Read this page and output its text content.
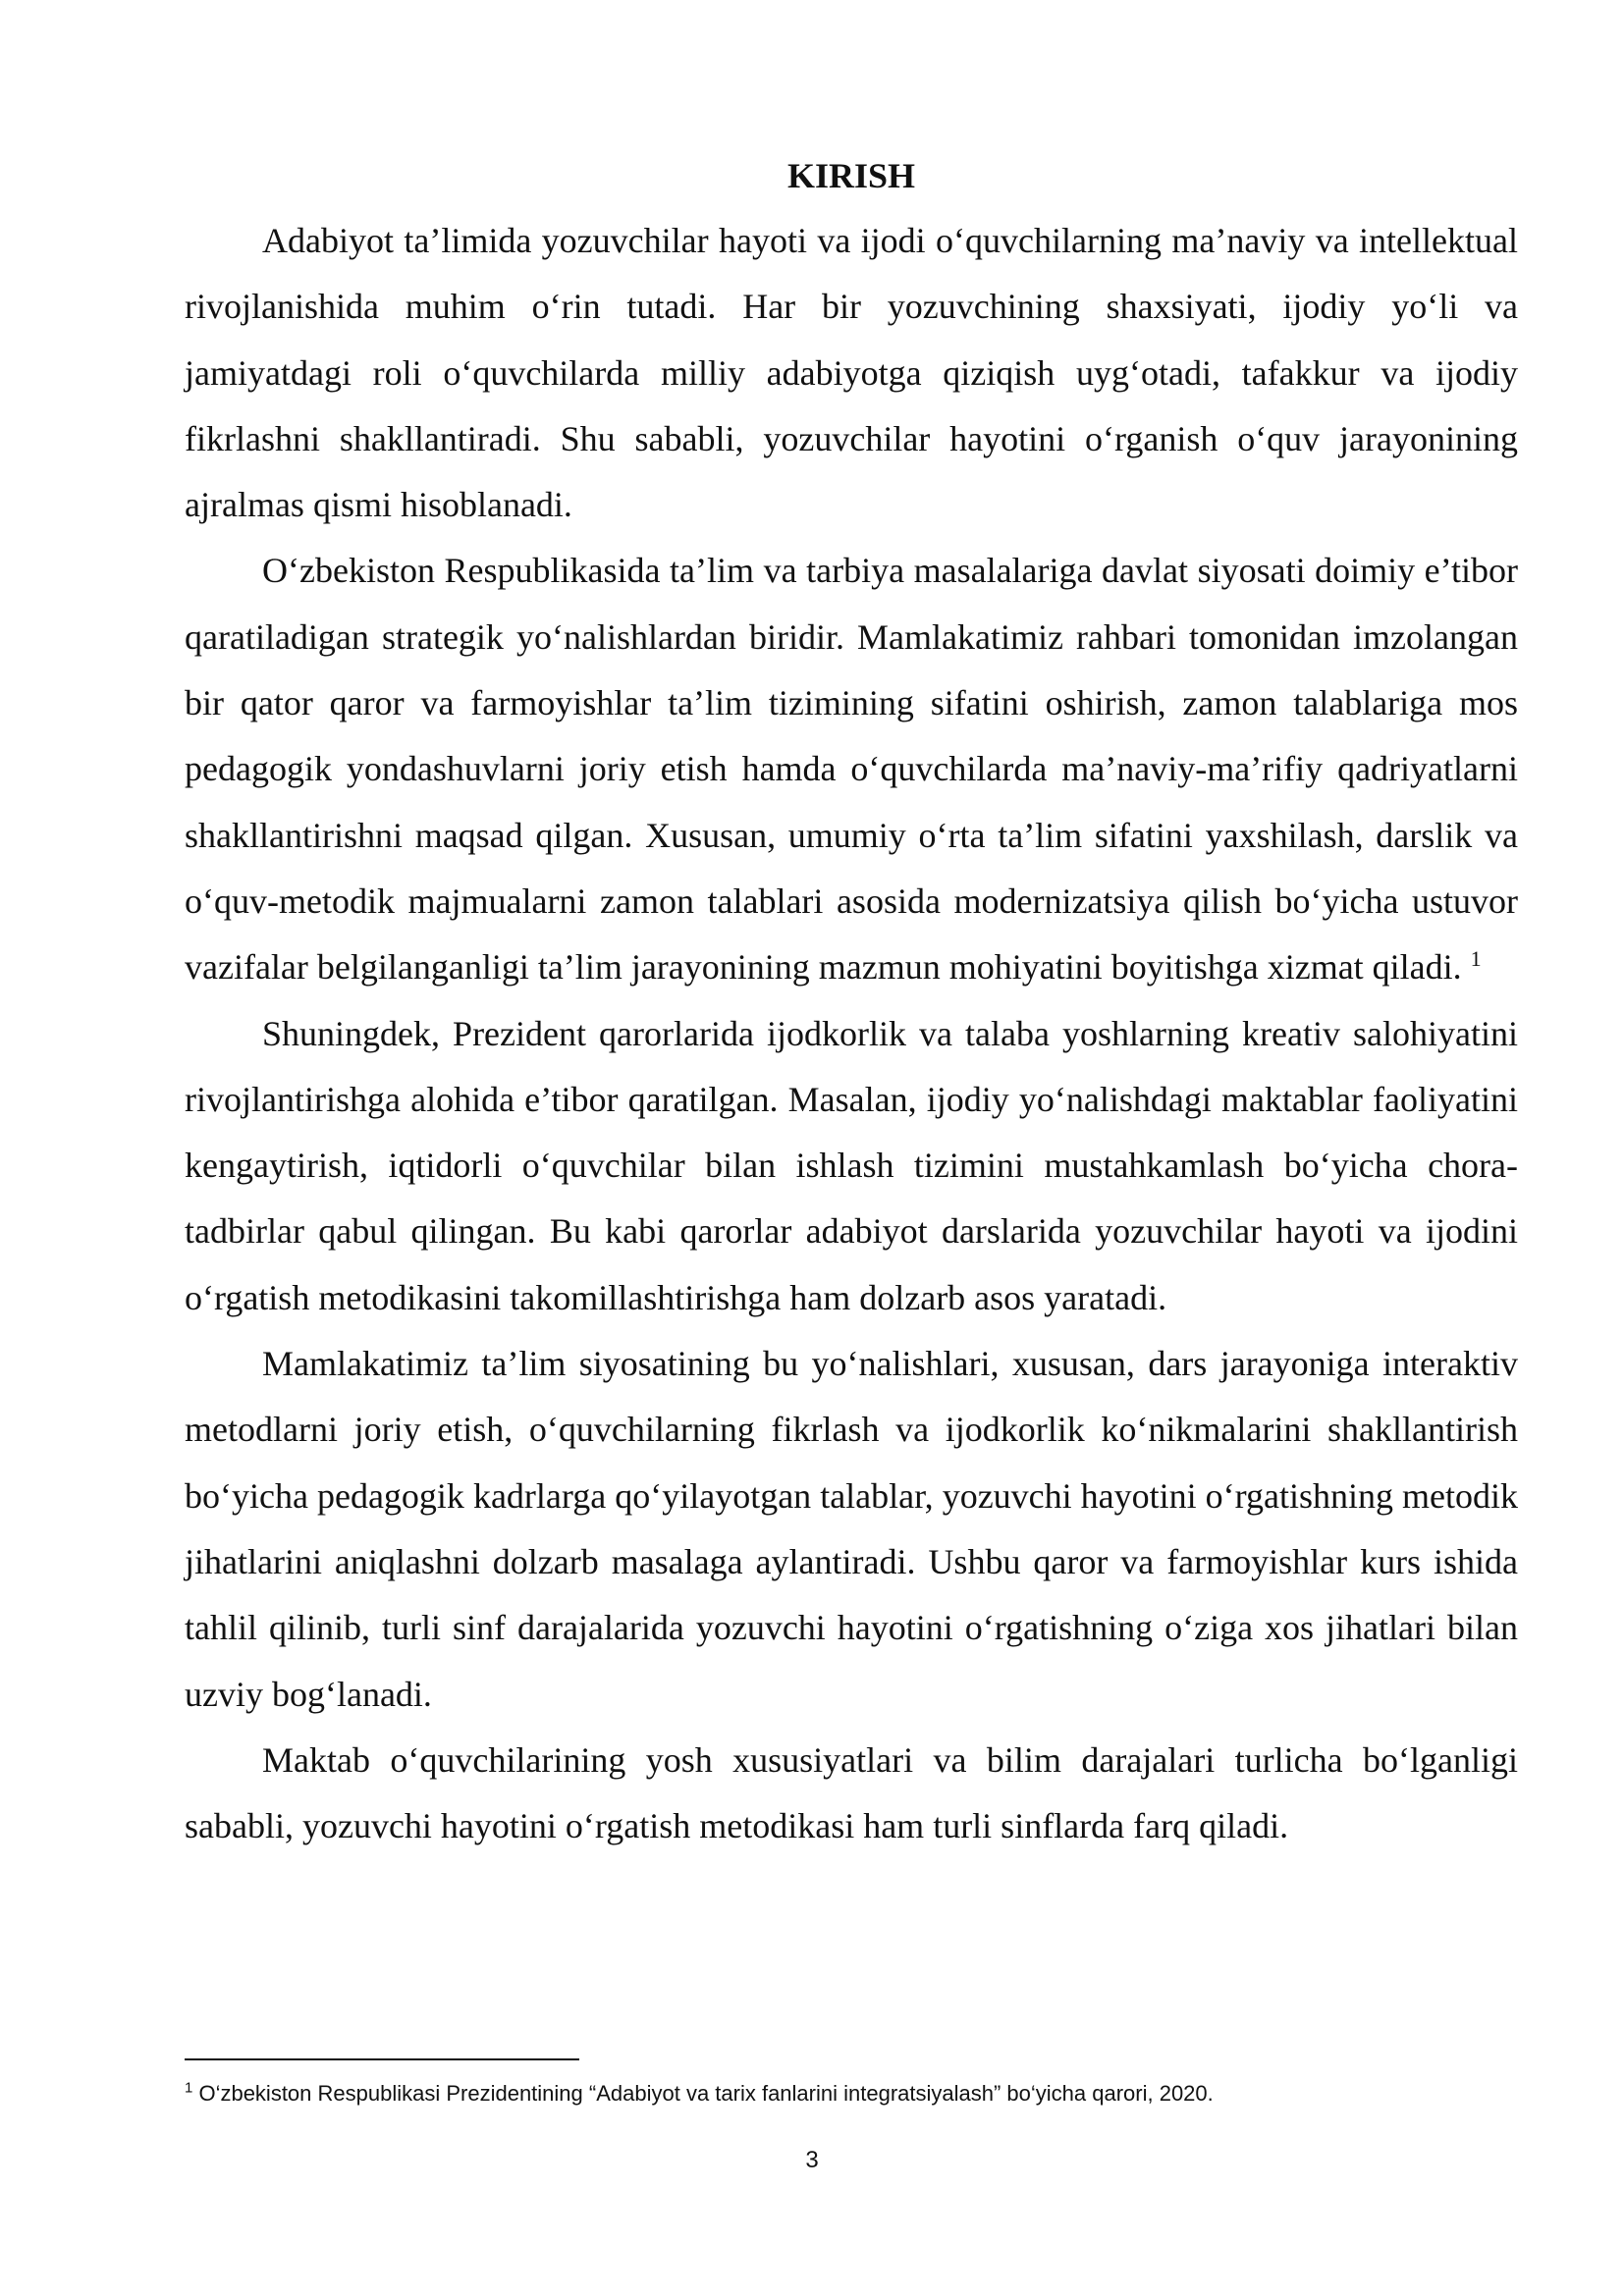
KIRISH

Adabiyot ta’limida yozuvchilar hayoti va ijodi o‘quvchilarning ma’naviy va intellektual rivojlanishida muhim o‘rin tutadi. Har bir yozuvchining shaxsiyati, ijodiy yo‘li va jamiyatdagi roli o‘quvchilarda milliy adabiyotga qiziqish uyg‘otadi, tafakkur va ijodiy fikrlashni shakllantiradi. Shu sababli, yozuvchilar hayotini o‘rganish o‘quv jarayonining ajralmas qismi hisoblanadi.

O‘zbekiston Respublikasida ta’lim va tarbiya masalalariga davlat siyosati doimiy e’tibor qaratiladigan strategik yo‘nalishlardan biridir. Mamlakatimiz rahbari tomonidan imzolangan bir qator qaror va farmoyishlar ta’lim tizimining sifatini oshirish, zamon talablariga mos pedagogik yondashuvlarni joriy etish hamda o‘quvchilarda ma’naviy-ma’rifiy qadriyatlarni shakllantirishni maqsad qilgan. Xususan, umumiy o‘rta ta’lim sifatini yaxshilash, darslik va o‘quv-metodik majmualarni zamon talablari asosida modernizatsiya qilish bo‘yicha ustuvor vazifalar belgilanganligi ta’lim jarayonining mazmun mohiyatini boyitishga xizmat qiladi. $^1$

Shuningdek, Prezident qarorlarida ijodkorlik va talaba yoshlarning kreativ salohiyatini rivojlantirishga alohida e’tibor qaratilgan. Masalan, ijodiy yo‘nalishdagi maktablar faoliyatini kengaytirish, iqtidorli o‘quvchilar bilan ishlash tizimini mustahkamlash bo‘yicha chora-tadbirlar qabul qilingan. Bu kabi qarorlar adabiyot darslarida yozuvchilar hayoti va ijodini o‘rgatish metodikasini takomillashtirishga ham dolzarb asos yaratadi.

Mamlakatimiz ta’lim siyosatining bu yo‘nalishlari, xususan, dars jarayoniga interaktiv metodlarni joriy etish, o‘quvchilarning fikrlash va ijodkorlik ko‘nikmalarini shakllantirish bo‘yicha pedagogik kadrlarga qo‘yilayotgan talablar, yozuvchi hayotini o‘rgatishning metodik jihatlarini aniqlashni dolzarb masalaga aylantiradi. Ushbu qaror va farmoyishlar kurs ishida tahlil qilinib, turli sinf darajalarida yozuvchi hayotini o‘rgatishning o‘ziga xos jihatlari bilan uzviy bog‘lanadi.

Maktab o‘quvchilarining yosh xususiyatlari va bilim darajalari turlicha bo‘lganligi sababli, yozuvchi hayotini o‘rgatish metodikasi ham turli sinflarda farq qiladi.

$^1$ O‘zbekiston Respublikasi Prezidentining “Adabiyot va tarix fanlarini integratsiyalash” bo‘yicha qarori, 2020.

3
